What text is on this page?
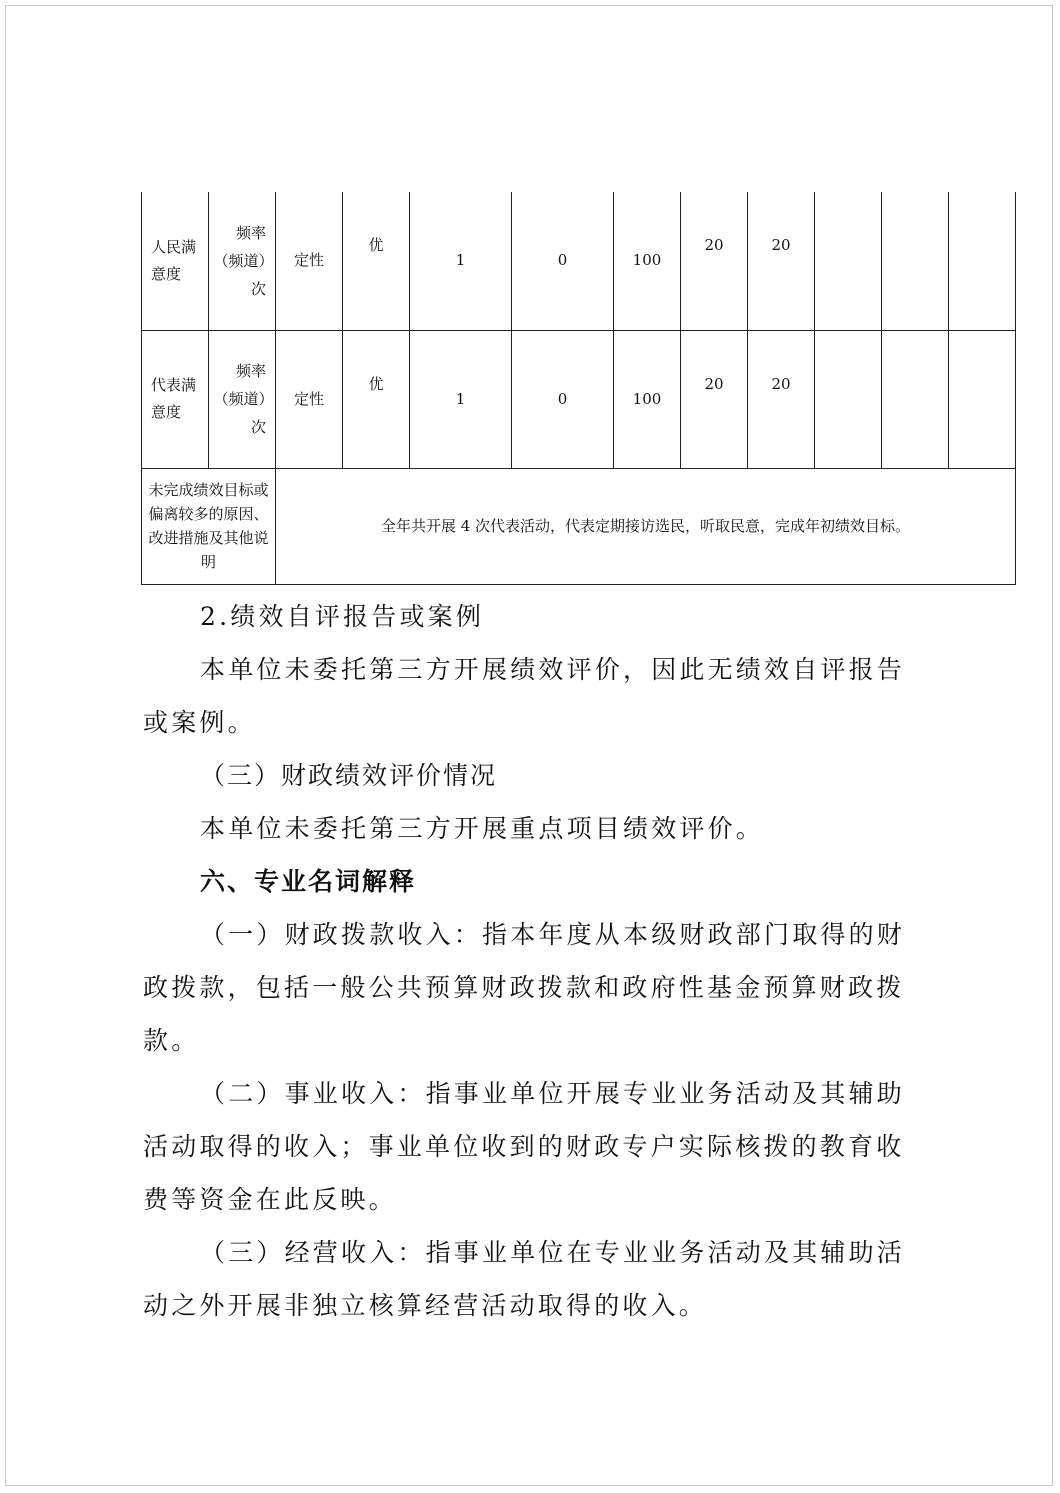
人民满意度	频率（频道）次	定性	优	1	0	100	20	20			
代表满意度	频率（频道）次	定性	优	1	0	100	20	20			
未完成绩效目标或偏离较多的原因、改进措施及其他说明		全年共开展 4 次代表活动，代表定期接访选民，听取民意，完成年初绩效目标。									

2.绩效自评报告或案例

本单位未委托第三方开展绩效评价，因此无绩效自评报告或案例。

（三）财政绩效评价情况

本单位未委托第三方开展重点项目绩效评价。

六、专业名词解释

（一）财政拨款收入：指本年度从本级财政部门取得的财政拨款，包括一般公共预算财政拨款和政府性基金预算财政拨款。

（二）事业收入：指事业单位开展专业业务活动及其辅助活动取得的收入；事业单位收到的财政专户实际核拨的教育收费等资金在此反映。

（三）经营收入：指事业单位在专业业务活动及其辅助活动之外开展非独立核算经营活动取得的收入。
